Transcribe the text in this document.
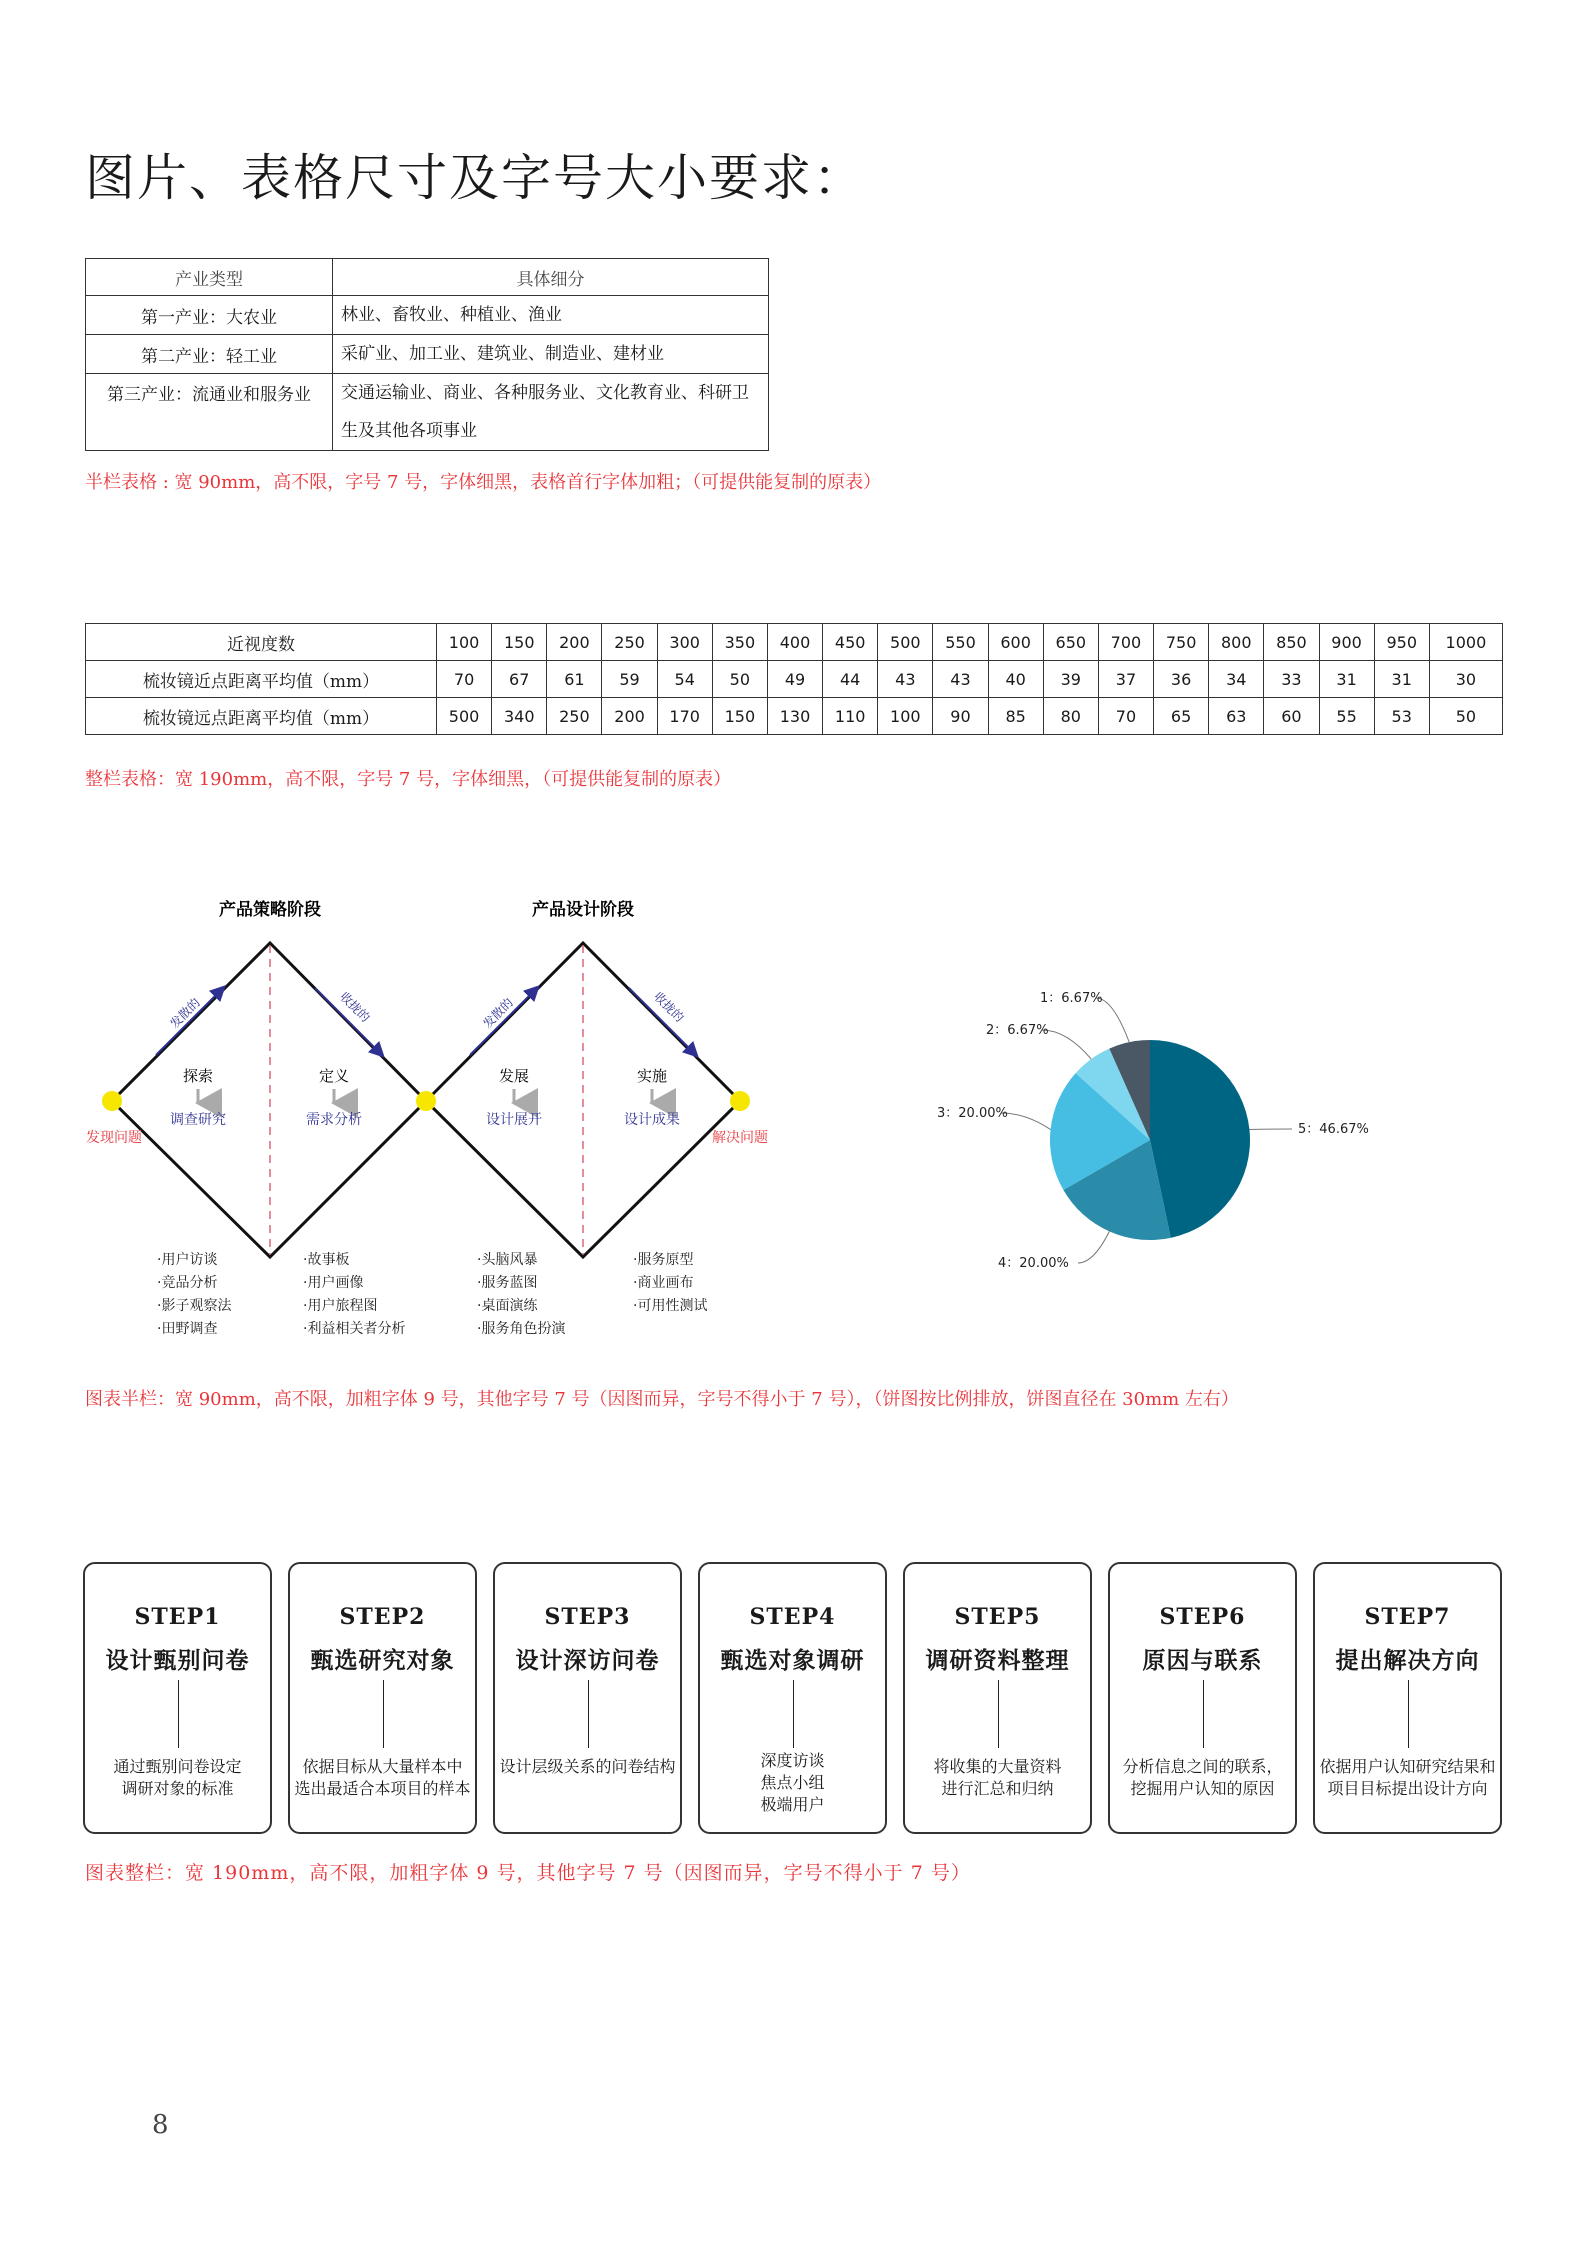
图片、表格尺寸及字号大小要求：
产业类型	具体细分
第一产业：大农业	林业、畜牧业、种植业、渔业
第二产业：轻工业	采矿业、加工业、建筑业、制造业、建材业
第三产业：流通业和服务业	交通运输业、商业、各种服务业、文化教育业、科研卫生及其他各项事业
半栏表格 : 宽 90mm，高不限，字号 7 号，字体细黑，表格首行字体加粗；（可提供能复制的原表）
近视度数	100	150	200	250	300	350	400	450	500	550	600	650	700	750	800	850	900	950	1000
梳妆镜近点距离平均值（mm）	70	67	61	59	54	50	49	44	43	43	40	39	37	36	34	33	31	31	30
梳妆镜远点距离平均值（mm）	500	340	250	200	170	150	130	110	100	90	85	80	70	65	63	60	55	53	50
整栏表格：宽 190mm，高不限，字号 7 号，字体细黑，（可提供能复制的原表）
产品策略阶段	产品设计阶段
发散的	收拢的	发散的	收拢的
发现问题	解决问题
探索
调查研究
定义
需求分析
发展
设计展开
实施
设计成果
·用户访谈
·竞品分析
·影子观察法
·田野调查
·故事板
·用户画像
·用户旅程图
·利益相关者分析
·头脑风暴
·服务蓝图
·桌面演练
·服务角色扮演
·服务原型
·商业画布
·可用性测试
1：6.67%
2：6.67%
3：20.00%
4：20.00%
5：46.67%
图表半栏：宽 90mm，高不限，加粗字体 9 号，其他字号 7 号（因图而异，字号不得小于 7 号），（饼图按比例排放，饼图直径在 30mm 左右）
STEP1
设计甄别问卷
通过甄别问卷设定
调研对象的标准
STEP2
甄选研究对象
依据目标从大量样本中
选出最适合本项目的样本
STEP3
设计深访问卷
设计层级关系的问卷结构
STEP4
甄选对象调研
深度访谈
焦点小组
极端用户
STEP5
调研资料整理
将收集的大量资料
进行汇总和归纳
STEP6
原因与联系
分析信息之间的联系，
挖掘用户认知的原因
STEP7
提出解决方向
依据用户认知研究结果和
项目目标提出设计方向
图表整栏：宽 190mm，高不限，加粗字体 9 号，其他字号 7 号（因图而异，字号不得小于 7 号）
8
